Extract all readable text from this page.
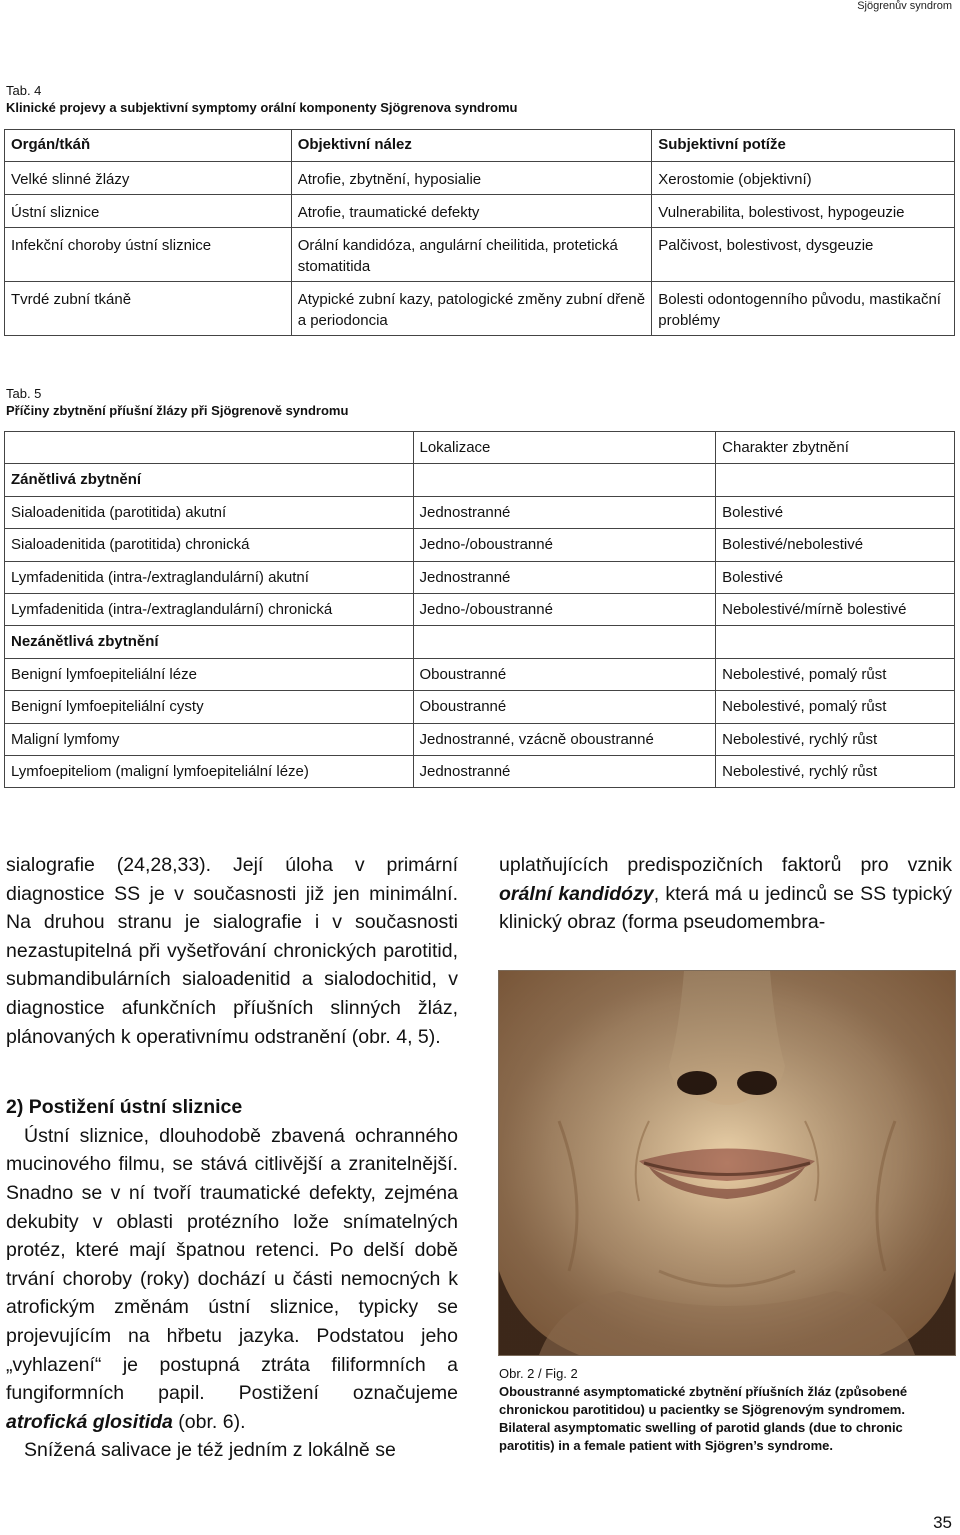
Sjögrenův syndrom
Tab. 4
Klinické projevy a subjektivní symptomy orální komponenty Sjögrenova syndromu
Orgán/tkáň	Objektivní nález	Subjektivní potíže
Velké slinné žlázy	Atrofie, zbytnění, hyposialie	Xerostomie (objektivní)
Ústní sliznice	Atrofie, traumatické defekty	Vulnerabilita, bolestivost, hypogeuzie
Infekční choroby ústní sliznice	Orální kandidóza, angulární cheilitida, protetická stomatitida	Palčivost, bolestivost, dysgeuzie
Tvrdé zubní tkáně	Atypické zubní kazy, patologické změny zubní dřeně a periodoncia	Bolesti odontogenního původu, mastikační problémy
Tab. 5
Příčiny zbytnění příušní žlázy při Sjögrenově syndromu
	Lokalizace	Charakter zbytnění
Zánětlivá zbytnění		
Sialoadenitida (parotitida) akutní	Jednostranné	Bolestivé
Sialoadenitida (parotitida) chronická	Jedno-/oboustranné	Bolestivé/nebolestivé
Lymfadenitida (intra-/extraglandulární) akutní	Jednostranné	Bolestivé
Lymfadenitida (intra-/extraglandulární) chronická	Jedno-/oboustranné	Nebolestivé/mírně bolestivé
Nezánětlivá zbytnění		
Benigní lymfoepiteliální léze	Oboustranné	Nebolestivé, pomalý růst
Benigní lymfoepiteliální cysty	Oboustranné	Nebolestivé, pomalý růst
Maligní lymfomy	Jednostranné, vzácně oboustranné	Nebolestivé, rychlý růst
Lymfoepiteliom (maligní lymfoepiteliální léze)	Jednostranné	Nebolestivé, rychlý růst

sialografie (24,28,33). Její úloha v primární diagnostice SS je v současnosti již jen minimální. Na druhou stranu je sialografie i v současnosti nezastupitelná při vyšetřování chronických parotitid, submandibulárních sialoadenitid a sialodochitid, v diagnostice afunkčních příušních slinných žláz, plánovaných k operativnímu odstranění (obr. 4, 5).

2) Postižení ústní sliznice

Ústní sliznice, dlouhodobě zbavená ochranného mucinového filmu, se stává citlivější a zranitelnější. Snadno se v ní tvoří traumatické defekty, zejména dekubity v oblasti protézního lože snímatelných protéz, které mají špatnou retenci. Po delší době trvání choroby (roky) dochází u části nemocných k atrofickým změnám ústní sliznice, typicky se projevujícím na hřbetu jazyka. Podstatou jeho „vyhlazení“ je postupná ztráta filiformních a fungiformních papil. Postižení označujeme atrofická glositida (obr. 6).

Snížená salivace je též jedním z lokálně se

uplatňujících predispozičních faktorů pro vznik orální kandidózy, která má u jedinců se SS typický klinický obraz (forma pseudomembra-

Obr. 2 / Fig. 2
Oboustranné asymptomatické zbytnění příušních žláz (způsobené chronickou parotitidou) u pacientky se Sjögrenovým syndromem.
Bilateral asymptomatic swelling of parotid glands (due to chronic parotitis) in a female patient with Sjögren’s syndrome.
35
